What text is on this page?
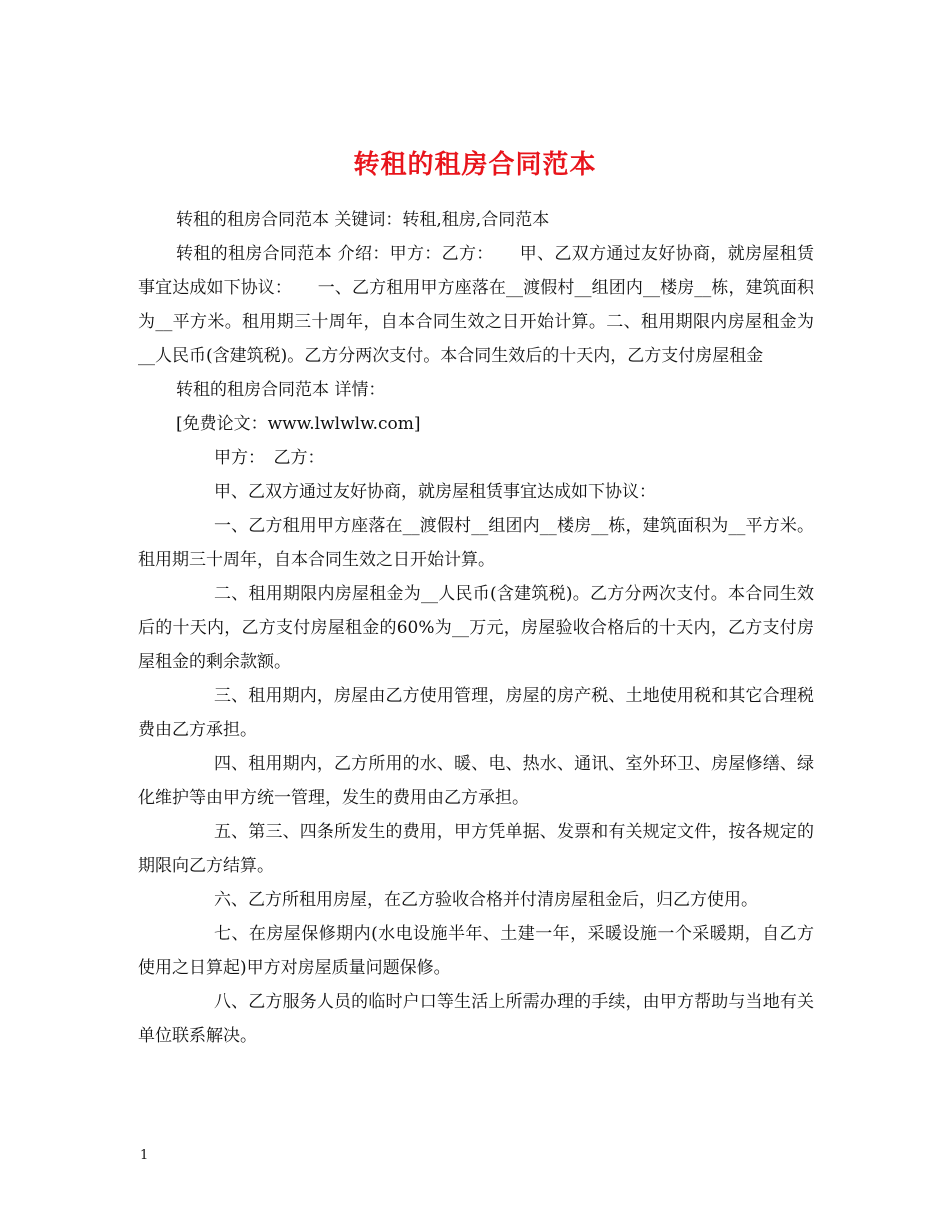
转租的租房合同范本

转租的租房合同范本 关键词：转租,租房,合同范本

转租的租房合同范本 介绍：甲方：乙方：　　甲、乙双方通过友好协商，就房屋租赁事宜达成如下协议：　　一、乙方租用甲方座落在__渡假村__组团内__楼房__栋，建筑面积为__平方米。租用期三十周年，自本合同生效之日开始计算。二、租用期限内房屋租金为__人民币(含建筑税)。乙方分两次支付。本合同生效后的十天内，乙方支付房屋租金

转租的租房合同范本 详情：

[免费论文：www.lwlwlw.com]

甲方：　乙方：

甲、乙双方通过友好协商，就房屋租赁事宜达成如下协议：

一、乙方租用甲方座落在__渡假村__组团内__楼房__栋，建筑面积为__平方米。租用期三十周年，自本合同生效之日开始计算。

二、租用期限内房屋租金为__人民币(含建筑税)。乙方分两次支付。本合同生效后的十天内，乙方支付房屋租金的60%为__万元，房屋验收合格后的十天内，乙方支付房屋租金的剩余款额。

三、租用期内，房屋由乙方使用管理，房屋的房产税、土地使用税和其它合理税费由乙方承担。

四、租用期内，乙方所用的水、暖、电、热水、通讯、室外环卫、房屋修缮、绿化维护等由甲方统一管理，发生的费用由乙方承担。

五、第三、四条所发生的费用，甲方凭单据、发票和有关规定文件，按各规定的期限向乙方结算。

六、乙方所租用房屋，在乙方验收合格并付清房屋租金后，归乙方使用。

七、在房屋保修期内(水电设施半年、土建一年，采暖设施一个采暖期，自乙方使用之日算起)甲方对房屋质量问题保修。

八、乙方服务人员的临时户口等生活上所需办理的手续，由甲方帮助与当地有关单位联系解决。

1
